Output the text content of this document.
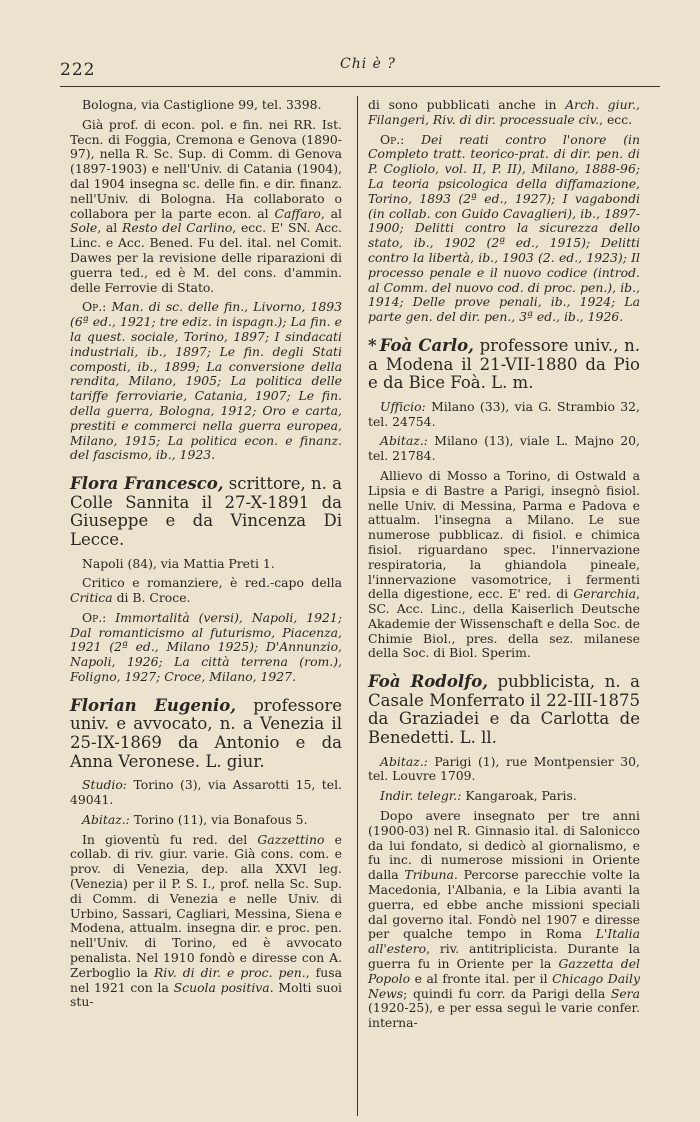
222	Chi è ?

Bologna, via Castiglione 99, tel. 3398.

Già prof. di econ. pol. e fin. nei RR. Ist. Tecn. di Foggia, Cremona e Genova (1890-97), nella R. Sc. Sup. di Comm. di Genova (1897-1903) e nell'Univ. di Catania (1904), dal 1904 insegna sc. delle fin. e dir. finanz. nell'Univ. di Bologna. Ha collaborato o collabora per la parte econ. al Caffaro, al Sole, al Resto del Carlino, ecc. E' SN. Acc. Linc. e Acc. Bened. Fu del. ital. nel Comit. Dawes per la revisione delle riparazioni di guerra ted., ed è M. del cons. d'ammin. delle Ferrovie di Stato.

Op.: Man. di sc. delle fin., Livorno, 1893 (6ª ed., 1921; tre ediz. in ispagn.); La fin. e la quest. sociale, Torino, 1897; I sindacati industriali, ib., 1897; Le fin. degli Stati composti, ib., 1899; La conversione della rendita, Milano, 1905; La politica delle tariffe ferroviarie, Catania, 1907; Le fin. della guerra, Bologna, 1912; Oro e carta, prestiti e commerci nella guerra europea, Milano, 1915; La politica econ. e finanz. del fascismo, ib., 1923.

Flora Francesco, scrittore, n. a Colle Sannita il 27-X-1891 da Giuseppe e da Vincenza Di Lecce.

Napoli (84), via Mattia Preti 1.

Critico e romanziere, è red.-capo della Critica di B. Croce.

Op.: Immortalità (versi), Napoli, 1921; Dal romanticismo al futurismo, Piacenza, 1921 (2ª ed., Milano 1925); D'Annunzio, Napoli, 1926; La città terrena (rom.), Foligno, 1927; Croce, Milano, 1927.

Florian Eugenio, professore univ. e avvocato, n. a Venezia il 25-IX-1869 da Antonio e da Anna Veronese. L. giur.

Studio: Torino (3), via Assarotti 15, tel. 49041.

Abitaz.: Torino (11), via Bonafous 5.

In gioventù fu red. del Gazzettino e collab. di riv. giur. varie. Già cons. com. e prov. di Venezia, dep. alla XXVI leg. (Venezia) per il P. S. I., prof. nella Sc. Sup. di Comm. di Venezia e nelle Univ. di Urbino, Sassari, Cagliari, Messina, Siena e Modena, attualm. insegna dir. e proc. pen. nell'Univ. di Torino, ed è avvocato penalista. Nel 1910 fondò e diresse con A. Zerboglio la Riv. di dir. e proc. pen., fusa nel 1921 con la Scuola positiva. Molti suoi stu-

di sono pubblicati anche in Arch. giur., Filangeri, Riv. di dir. processuale civ., ecc.

Op.: Dei reati contro l'onore (in Completo tratt. teorico-prat. di dir. pen. di P. Cogliolo, vol. II, P. II), Milano, 1888-96; La teoria psicologica della diffamazione, Torino, 1893 (2ª ed., 1927); I vagabondi (in collab. con Guido Cavaglieri), ib., 1897-1900; Delitti contro la sicurezza dello stato, ib., 1902 (2ª ed., 1915); Delitti contro la libertà, ib., 1903 (2. ed., 1923); Il processo penale e il nuovo codice (introd. al Comm. del nuovo cod. di proc. pen.), ib., 1914; Delle prove penali, ib., 1924; La parte gen. del dir. pen., 3ª ed., ib., 1926.

* Foà Carlo, professore univ., n. a Modena il 21-VII-1880 da Pio e da Bice Foà. L. m.

Ufficio: Milano (33), via G. Strambio 32, tel. 24754.

Abitaz.: Milano (13), viale L. Majno 20, tel. 21784.

Allievo di Mosso a Torino, di Ostwald a Lipsia e di Bastre a Parigi, insegnò fisiol. nelle Univ. di Messina, Parma e Padova e attualm. l'insegna a Milano. Le sue numerose pubblicaz. di fisiol. e chimica fisiol. riguardano spec. l'innervazione respiratoria, la ghiandola pineale, l'innervazione vasomotrice, i fermenti della digestione, ecc. E' red. di Gerarchia, SC. Acc. Linc., della Kaiserlich Deutsche Akademie der Wissenschaft e della Soc. de Chimie Biol., pres. della sez. milanese della Soc. di Biol. Sperim.

Foà Rodolfo, pubblicista, n. a Casale Monferrato il 22-III-1875 da Graziadei e da Carlotta de Benedetti. L. ll.

Abitaz.: Parigi (1), rue Montpensier 30, tel. Louvre 1709.

Indir. telegr.: Kangaroak, Paris.

Dopo avere insegnato per tre anni (1900-03) nel R. Ginnasio ital. di Salonicco da lui fondato, si dedicò al giornalismo, e fu inc. di numerose missioni in Oriente dalla Tribuna. Percorse parecchie volte la Macedonia, l'Albania, e la Libia avanti la guerra, ed ebbe anche missioni speciali dal governo ital. Fondò nel 1907 e diresse per qualche tempo in Roma L'Italia all'estero, riv. antitriplicista. Durante la guerra fu in Oriente per la Gazzetta del Popolo e al fronte ital. per il Chicago Daily News; quindi fu corr. da Parigi della Sera (1920-25), e per essa seguì le varie confer. interna-
